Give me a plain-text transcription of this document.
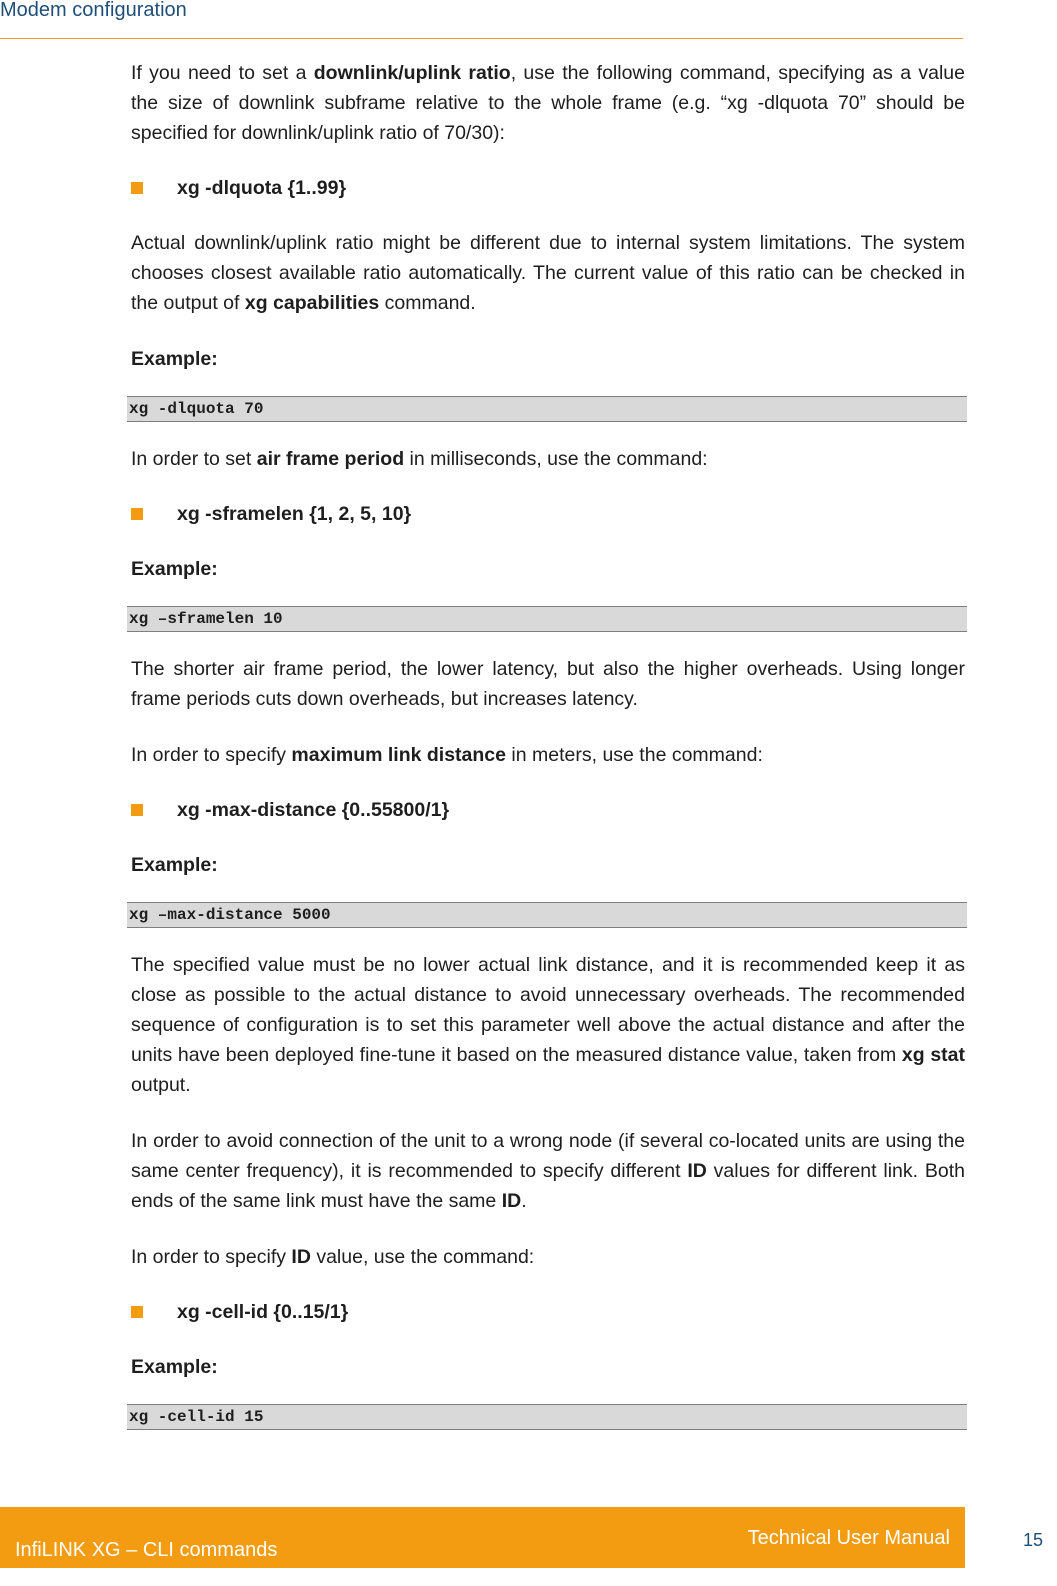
Modem configuration

If you need to set a downlink/uplink ratio, use the following command, specifying as a value the size of downlink subframe relative to the whole frame (e.g. “xg -dlquota 70” should be specified for downlink/uplink ratio of 70/30):

xg -dlquota {1..99}

Actual downlink/uplink ratio might be different due to internal system limitations. The system chooses closest available ratio automatically. The current value of this ratio can be checked in the output of xg capabilities command.

Example:
xg -dlquota 70

In order to set air frame period in milliseconds, use the command:

xg -sframelen {1, 2, 5, 10}
Example:
xg –sframelen 10

The shorter air frame period, the lower latency, but also the higher overheads. Using longer frame periods cuts down overheads, but increases latency.

In order to specify maximum link distance in meters, use the command:

xg -max-distance {0..55800/1}
Example:
xg –max-distance 5000

The specified value must be no lower actual link distance, and it is recommended keep it as close as possible to the actual distance to avoid unnecessary overheads. The recommended sequence of configuration is to set this parameter well above the actual distance and after the units have been deployed fine-tune it based on the measured distance value, taken from xg stat output.

In order to avoid connection of the unit to a wrong node (if several co-located units are using the same center frequency), it is recommended to specify different ID values for different link. Both ends of the same link must have the same ID.

In order to specify ID value, use the command:

xg -cell-id {0..15/1}
Example:
xg -cell-id 15
InfiLINK XG – CLI commands
Technical User Manual	15
